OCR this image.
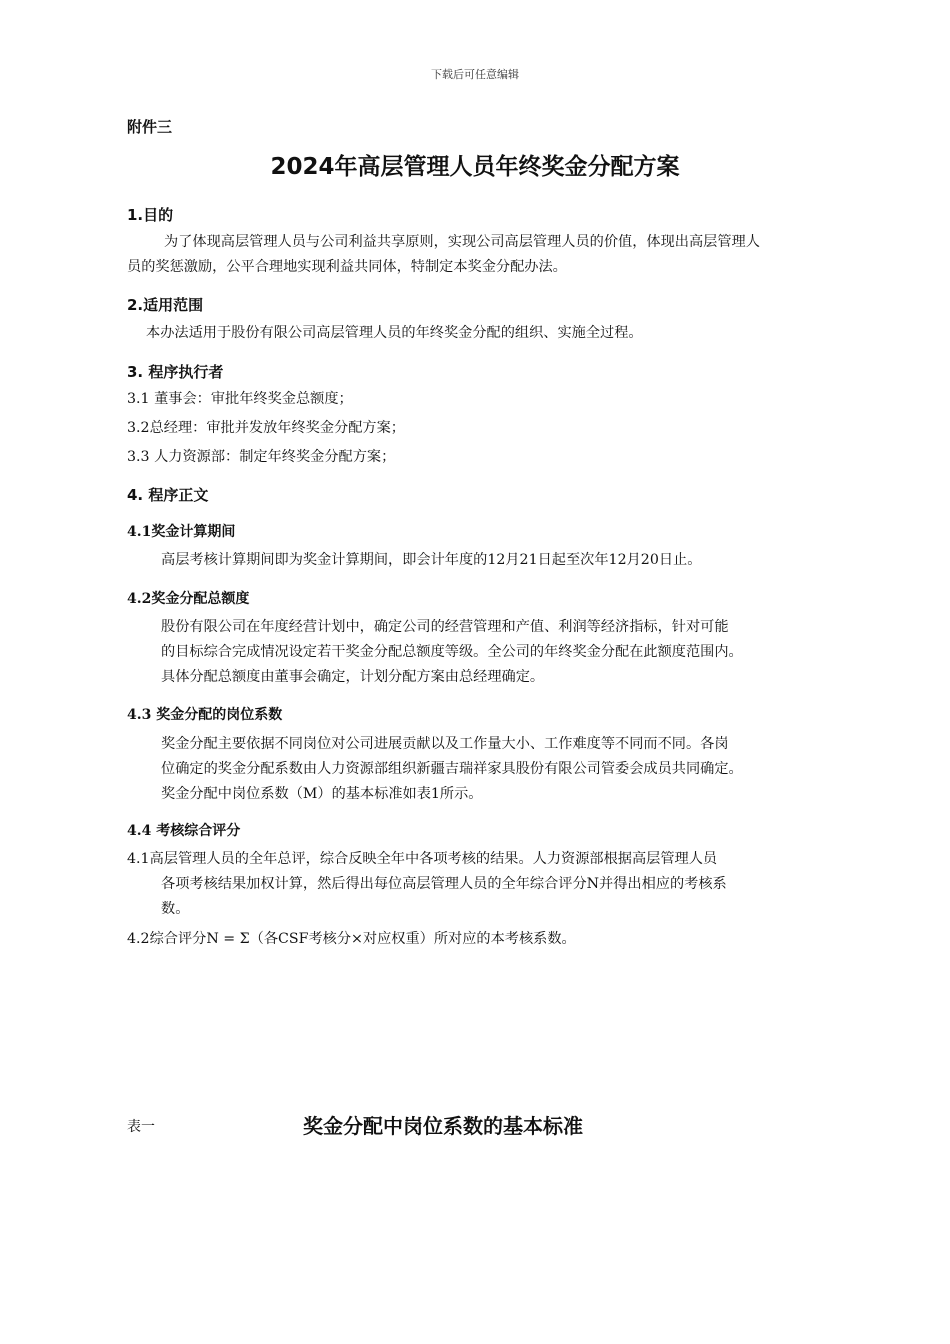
下载后可任意编辑
附件三
2024年高层管理人员年终奖金分配方案
1.目的
为了体现高层管理人员与公司利益共享原则，实现公司高层管理人员的价值，体现出高层管理人
员的奖惩激励，公平合理地实现利益共同体，特制定本奖金分配办法。
2.适用范围
本办法适用于股份有限公司高层管理人员的年终奖金分配的组织、实施全过程。
3. 程序执行者
3.1 董事会：审批年终奖金总额度；
3.2总经理：审批并发放年终奖金分配方案；
3.3 人力资源部：制定年终奖金分配方案；
4. 程序正文
4.1奖金计算期间
高层考核计算期间即为奖金计算期间，即会计年度的12月21日起至次年12月20日止。
4.2奖金分配总额度
股份有限公司在年度经营计划中，确定公司的经营管理和产值、利润等经济指标，针对可能
的目标综合完成情况设定若干奖金分配总额度等级。全公司的年终奖金分配在此额度范围内。
具体分配总额度由董事会确定，计划分配方案由总经理确定。
4.3 奖金分配的岗位系数
奖金分配主要依据不同岗位对公司进展贡献以及工作量大小、工作难度等不同而不同。各岗
位确定的奖金分配系数由人力资源部组织新疆吉瑞祥家具股份有限公司管委会成员共同确定。
奖金分配中岗位系数（M）的基本标准如表1所示。
4.4 考核综合评分
4.1高层管理人员的全年总评，综合反映全年中各项考核的结果。人力资源部根据高层管理人员
各项考核结果加权计算，然后得出每位高层管理人员的全年综合评分N并得出相应的考核系
数。
4.2综合评分N = Σ（各CSF考核分×对应权重）所对应的本考核系数。
表一	奖金分配中岗位系数的基本标准
